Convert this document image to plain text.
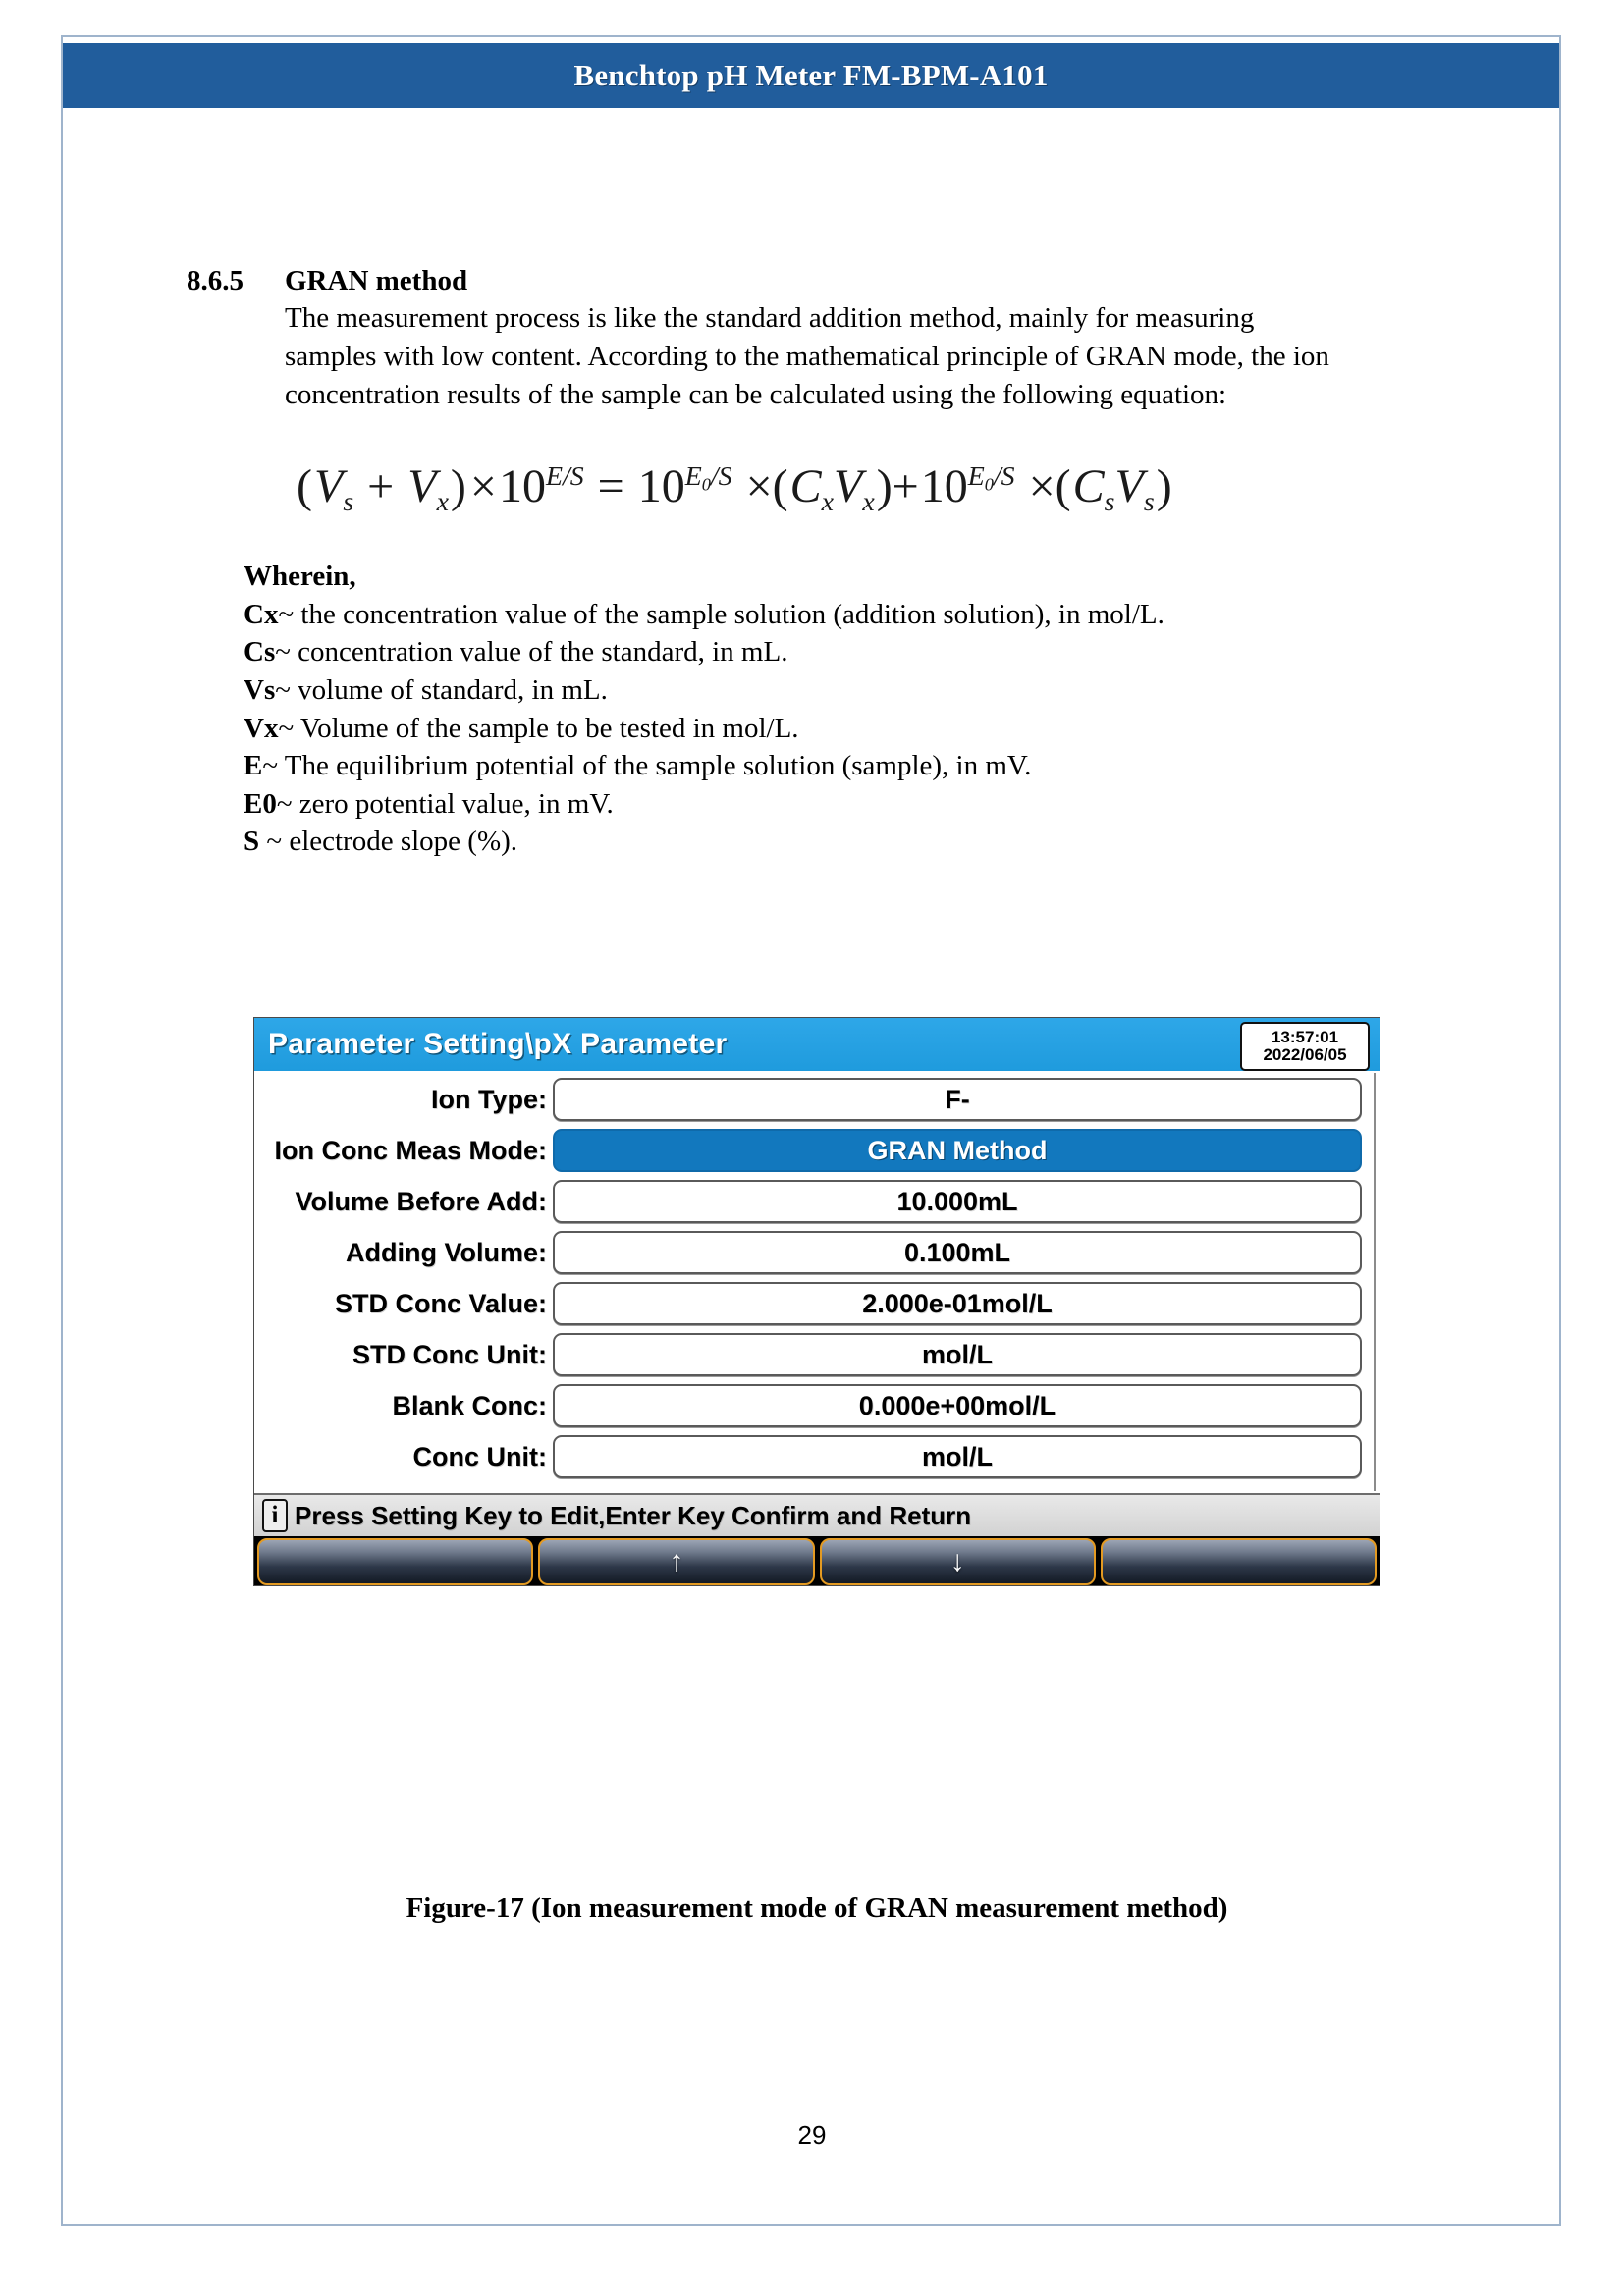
Benchtop pH Meter FM-BPM-A101
8.6.5	GRAN method
The measurement process is like the standard addition method, mainly for measuring samples with low content. According to the mathematical principle of GRAN mode, the ion concentration results of the sample can be calculated using the following equation:
$(Vs + Vx)\times 10^{E/S} = 10^{E0/S}$ $\times(CxVx)+10^{E0/S}$ ×(CsVs)
Wherein,
Cx~ the concentration value of the sample solution (addition solution), in mol/L.
Cs~ concentration value of the standard, in mL.
Vs~ volume of standard, in mL.
Vx~ Volume of the sample to be tested in mol/L.
E~ The equilibrium potential of the sample solution (sample), in mV.
E0~ zero potential value, in mV.
S ~ electrode slope (%).
Parameter Setting\pX Parameter	13:57:01
2022/06/05
Ion Type:	F-
Ion Conc Meas Mode:	GRAN Method
Volume Before Add:	10.000mL
Adding Volume:	0.100mL
STD Conc Value:	2.000e-01mol/L
STD Conc Unit:	mol/L
Blank Conc:	0.000e+00mol/L
Conc Unit:	mol/L
i Press Setting Key to Edit,Enter Key Confirm and Return
↑	↓
Figure-17 (Ion measurement mode of GRAN measurement method)
29
